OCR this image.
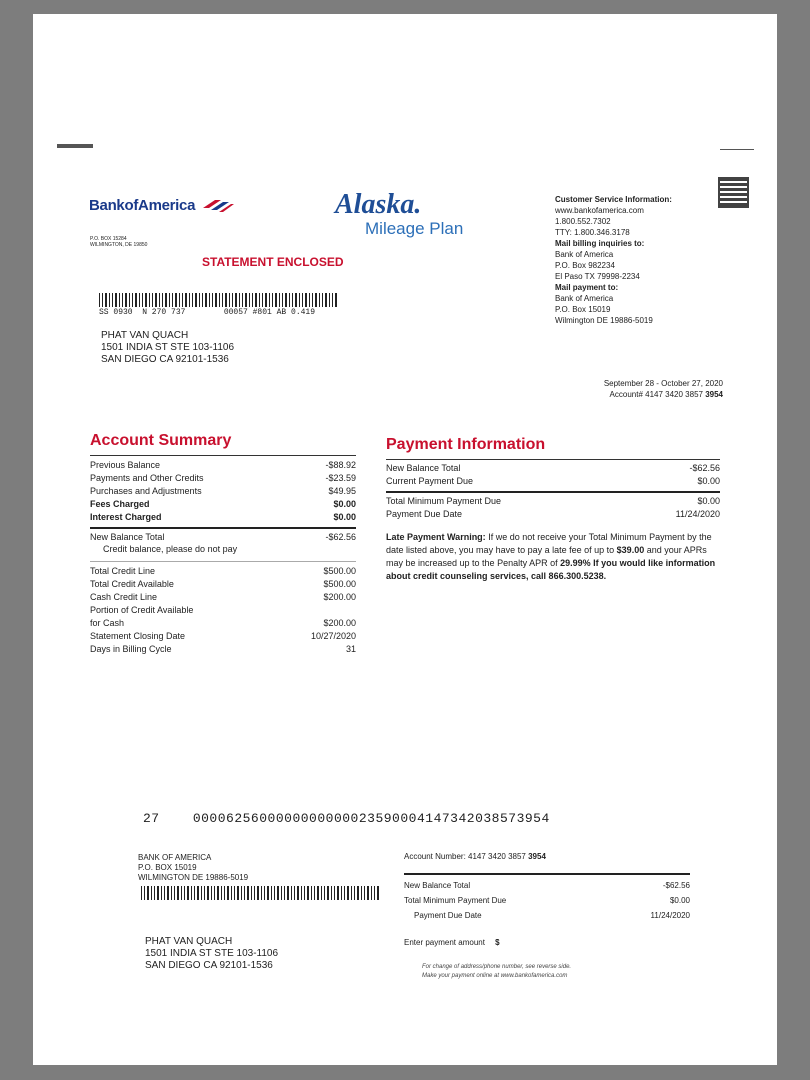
BankofAmerica
P.O. BOX 15284
WILMINGTON, DE 19850
Alaska.
Mileage Plan
STATEMENT ENCLOSED
Customer Service Information:
www.bankofamerica.com
1.800.552.7302
TTY: 1.800.346.3178
Mail billing inquiries to:
Bank of America
P.O. Box 982234
El Paso TX 79998-2234
Mail payment to:
Bank of America
P.O. Box 15019
Wilmington DE 19886-5019
SS 0930  N 270 737        00057 #801 AB 0.419
PHAT VAN QUACH
1501 INDIA ST STE 103-1106
SAN DIEGO CA 92101-1536
September 28 - October 27, 2020
Account# 4147 3420 3857 3954
Account Summary
Previous Balance	-$88.92
Payments and Other Credits	-$23.59
Purchases and Adjustments	$49.95
Fees Charged	$0.00
Interest Charged	$0.00
New Balance Total	-$62.56
Credit balance, please do not pay
Total Credit Line	$500.00
Total Credit Available	$500.00
Cash Credit Line	$200.00
Portion of Credit Available
for Cash	$200.00
Statement Closing Date	10/27/2020
Days in Billing Cycle	31
Payment Information
New Balance Total	-$62.56
Current Payment Due	$0.00
Total Minimum Payment Due	$0.00
Payment Due Date	11/24/2020
Late Payment Warning: If we do not receive your Total Minimum Payment by the date listed above, you may have to pay a late fee of up to $39.00 and your APRs may be increased up to the Penalty APR of 29.99% If you would like information about credit counseling services, call 866.300.5238.
27	0000625600000000000023590004147342038573954
BANK OF AMERICA
P.O. BOX 15019
WILMINGTON DE 19886-5019
PHAT VAN QUACH
1501 INDIA ST STE 103-1106
SAN DIEGO CA 92101-1536
Account Number: 4147 3420 3857 3954
New Balance Total	-$62.56
Total Minimum Payment Due	$0.00
Payment Due Date	11/24/2020
Enter payment amount $
For change of address/phone number, see reverse side.
Make your payment online at www.bankofamerica.com
